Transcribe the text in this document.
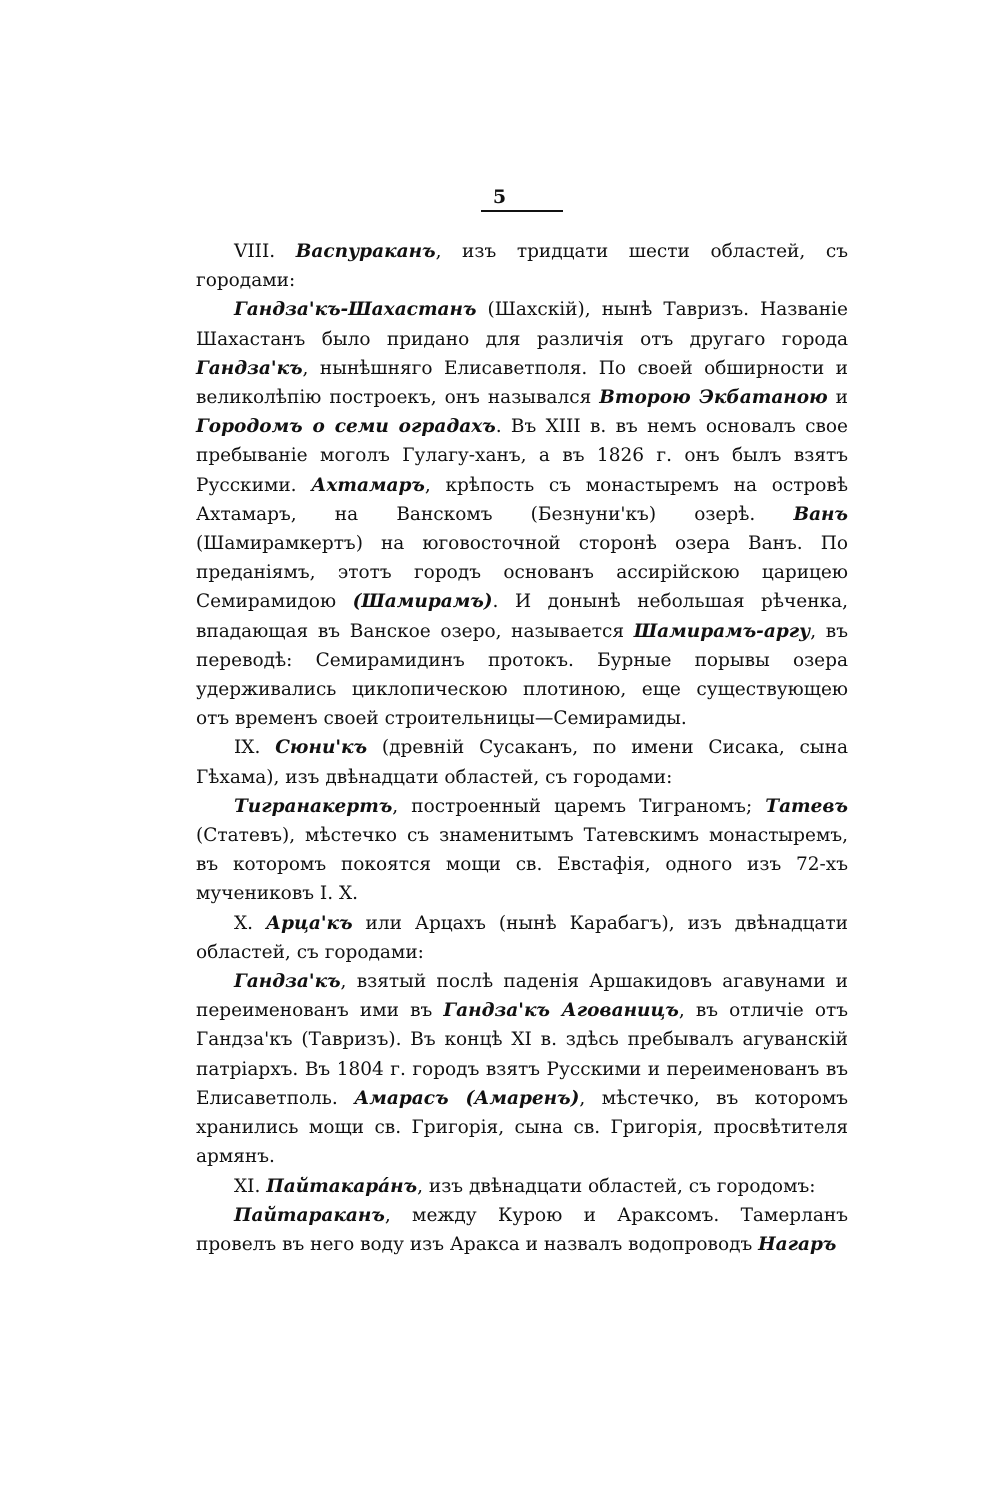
5

VIII. Васпураканъ, изъ тридцати шести областей, съ городами:

Гандза'къ-Шахастанъ (Шахскій), нынѣ Тавризъ. Названіе Шахастанъ было придано для различія отъ другаго города Гандза'къ, нынѣшняго Елисаветполя. По своей обширности и великолѣпію построекъ, онъ назывался Второю Экбатаною и Городомъ о семи оградахъ. Въ XIII в. въ немъ основалъ свое пребываніе моголъ Гулагу-ханъ, а въ 1826 г. онъ былъ взятъ Русскими. Ахтамаръ, крѣпость съ монастыремъ на островѣ Ахтамаръ, на Ванскомъ (Безнуни'къ) озерѣ. Ванъ (Шамирамкертъ) на юговосточной сторонѣ озера Ванъ. По преданіямъ, этотъ городъ основанъ ассирійскою царицею Семирамидою (Шамирамъ). И донынѣ небольшая рѣченка, впадающая въ Ванское озеро, называется Шамирамъ-аргу, въ переводѣ: Семирамидинъ протокъ. Бурные порывы озера удерживались циклопическою плотиною, еще существующею отъ временъ своей строительницы—Семирамиды.

IX. Сюни'къ (древній Сусаканъ, по имени Сисака, сына Гѣхама), изъ двѣнадцати областей, съ городами:

Тигранакертъ, построенный царемъ Тиграномъ; Татевъ (Статевъ), мѣстечко съ знаменитымъ Татевскимъ монастыремъ, въ которомъ покоятся мощи св. Евстафія, одного изъ 72-хъ мучениковъ І. Х.

X. Арца'къ или Арцахъ (нынѣ Карабагъ), изъ двѣнадцати областей, съ городами:

Гандза'къ, взятый послѣ паденія Аршакидовъ агавунами и переименованъ ими въ Гандза'къ Агованицъ, въ отличіе отъ Гандза'къ (Тавризъ). Въ концѣ XI в. здѣсь пребывалъ агуванскій патріархъ. Въ 1804 г. городъ взятъ Русскими и переименованъ въ Елисаветполь. Амарасъ (Амаренъ), мѣстечко, въ которомъ хранились мощи св. Григорія, сына св. Григорія, просвѣтителя армянъ.

XI. Пайтакарáнъ, изъ двѣнадцати областей, съ городомъ:

Пайтараканъ, между Курою и Араксомъ. Тамерланъ провелъ въ него воду изъ Аракса и назвалъ водопроводъ Нагаръ
